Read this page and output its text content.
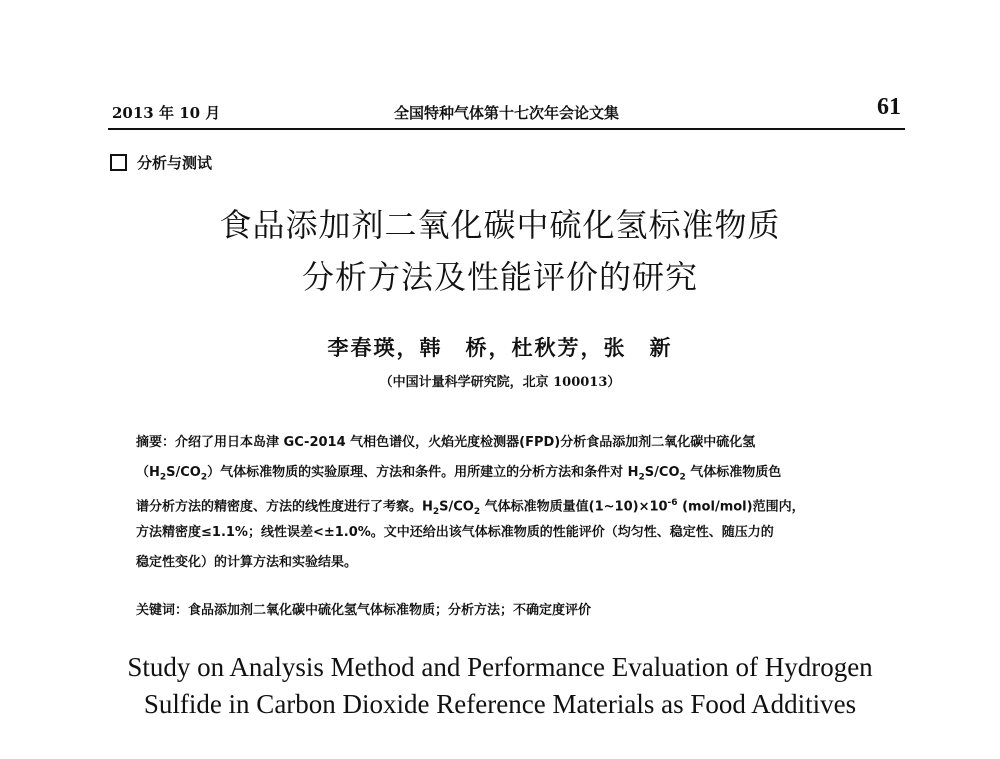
2013 年 10 月	全国特种气体第十七次年会论文集	61
分析与测试
食品添加剂二氧化碳中硫化氢标准物质
分析方法及性能评价的研究
李春瑛，韩　桥，杜秋芳，张　新
（中国计量科学研究院，北京 100013）
摘要：介绍了用日本岛津 GC-2014 气相色谱仪，火焰光度检测器(FPD)分析食品添加剂二氧化碳中硫化氢
$(H_2S/CO_2)$气体标准物质的实验原理、方法和条件。用所建立的分析方法和条件对 $H_2S/CO_2$ 气体标准物质色
谱分析方法的精密度、方法的线性度进行了考察。$H_2S/CO_2$ 气体标准物质量值$(1\sim 10)\times 10^{-6}$ (mol/mol)范围内，
方法精密度≤1.1%；线性误差<±1.0%。文中还给出该气体标准物质的性能评价（均匀性、稳定性、随压力的
稳定性变化）的计算方法和实验结果。
关键词：食品添加剂二氧化碳中硫化氢气体标准物质；分析方法；不确定度评价
Study on Analysis Method and Performance Evaluation of Hydrogen
Sulfide in Carbon Dioxide Reference Materials as Food Additives
